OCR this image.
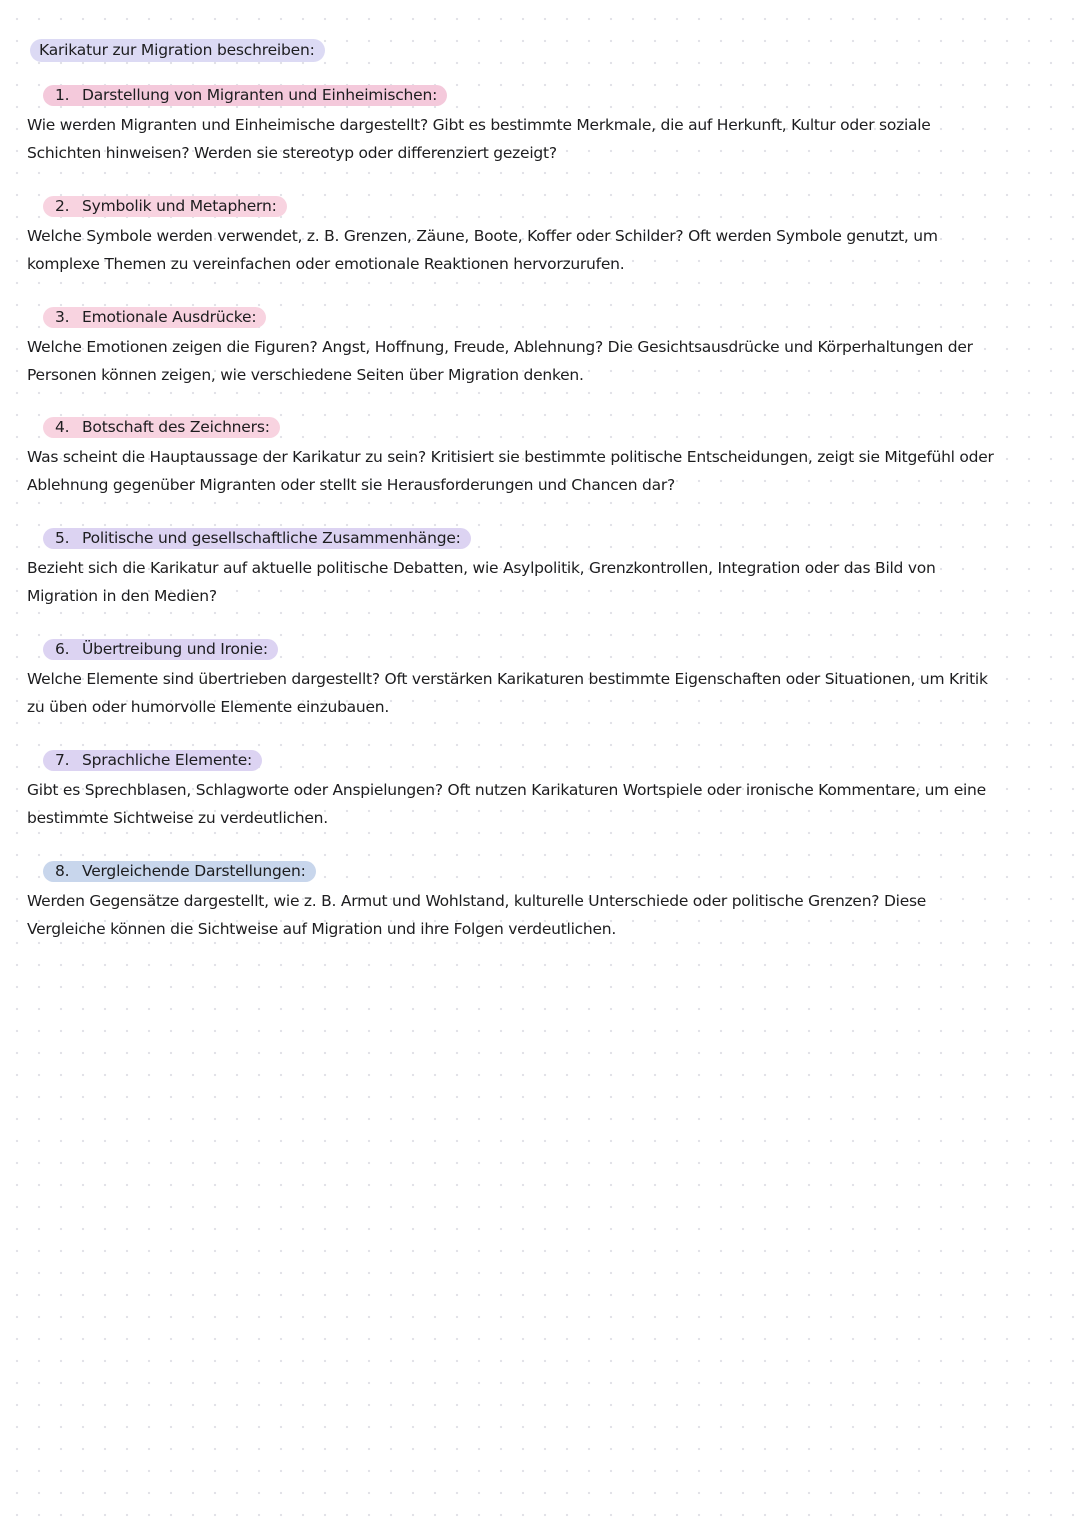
Karikatur zur Migration beschreiben:
1. Darstellung von Migranten und Einheimischen:
Wie werden Migranten und Einheimische dargestellt? Gibt es bestimmte Merkmale, die auf Herkunft, Kultur oder soziale Schichten hinweisen? Werden sie stereotyp oder differenziert gezeigt?
2. Symbolik und Metaphern:
Welche Symbole werden verwendet, z. B. Grenzen, Zäune, Boote, Koffer oder Schilder? Oft werden Symbole genutzt, um komplexe Themen zu vereinfachen oder emotionale Reaktionen hervorzurufen.
3. Emotionale Ausdrücke:
Welche Emotionen zeigen die Figuren? Angst, Hoffnung, Freude, Ablehnung? Die Gesichtsausdrücke und Körperhaltungen der Personen können zeigen, wie verschiedene Seiten über Migration denken.
4. Botschaft des Zeichners:
Was scheint die Hauptaussage der Karikatur zu sein? Kritisiert sie bestimmte politische Entscheidungen, zeigt sie Mitgefühl oder Ablehnung gegenüber Migranten oder stellt sie Herausforderungen und Chancen dar?
5. Politische und gesellschaftliche Zusammenhänge:
Bezieht sich die Karikatur auf aktuelle politische Debatten, wie Asylpolitik, Grenzkontrollen, Integration oder das Bild von Migration in den Medien?
6. Übertreibung und Ironie:
Welche Elemente sind übertrieben dargestellt? Oft verstärken Karikaturen bestimmte Eigenschaften oder Situationen, um Kritik zu üben oder humorvolle Elemente einzubauen.
7. Sprachliche Elemente:
Gibt es Sprechblasen, Schlagworte oder Anspielungen? Oft nutzen Karikaturen Wortspiele oder ironische Kommentare, um eine bestimmte Sichtweise zu verdeutlichen.
8. Vergleichende Darstellungen:
Werden Gegensätze dargestellt, wie z. B. Armut und Wohlstand, kulturelle Unterschiede oder politische Grenzen? Diese Vergleiche können die Sichtweise auf Migration und ihre Folgen verdeutlichen.
